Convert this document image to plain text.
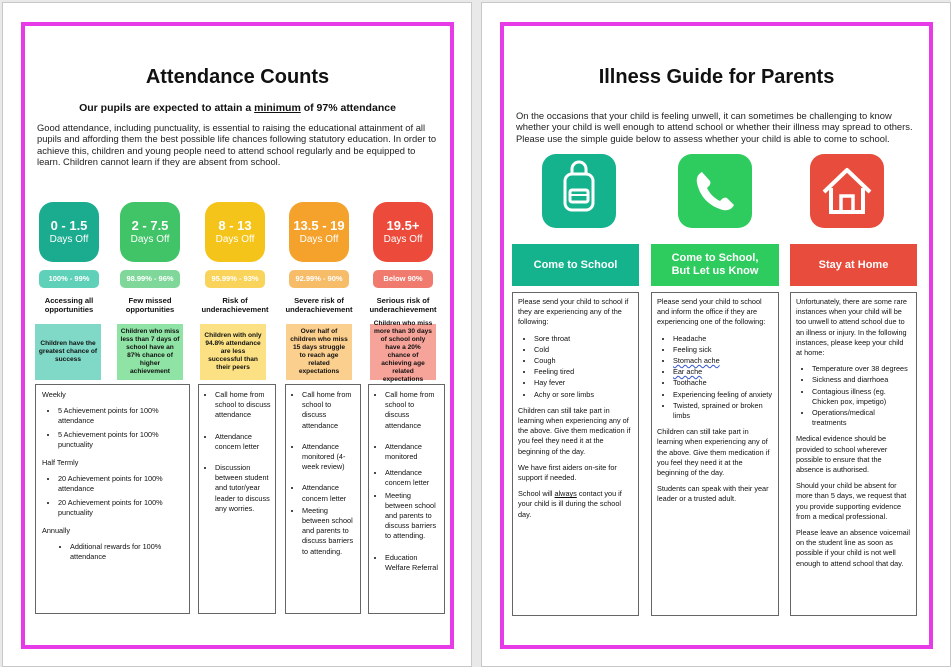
Attendance Counts
Our pupils are expected to attain a minimum of 97% attendance
Good attendance, including punctuality, is essential to raising the educational attainment of all pupils and affording them the best possible life chances following statutory education. In order to achieve this, children and young people need to attend school regularly and be equipped to learn. Children cannot learn if they are absent from school.
0 - 1.5
Days Off
100% - 99%
Accessing all opportunities
Children have the greatest chance of success
2 - 7.5
Days Off
98.99% - 96%
Few missed opportunities
Children who miss less than 7 days of school have an 87% chance of higher achievement
8 - 13
Days Off
95.99% - 93%
Risk of underachievement
Children with only 94.8% attendance are less successful than their peers
13.5 - 19
Days Off
92.99% - 90%
Severe risk of underachievement
Over half of children who miss 15 days struggle to reach age related expectations
19.5+
Days Off
Below 90%
Serious risk of underachievement
Children who miss more than 30 days of school only have a 20% chance of achieving age related expectations

Weekly

• 5 Achievement points for 100% attendance
• 5 Achievement points for 100% punctuality

Half Termly

• 20 Achievement points for 100% attendance
• 20 Achievement points for 100% punctuality

Annually

• Additional rewards for 100% attendance
• Call home from school to discuss attendance
• Attendance concern letter
• Discussion between student and tutor/year leader to discuss any worries.
• Call home from school to discuss attendance
• Attendance monitored (4-week review)
• Attendance concern letter
• Meeting between school and parents to discuss barriers to attending.
• Call home from school to discuss attendance
• Attendance monitored
• Attendance concern letter
• Meeting between school and parents to discuss barriers to attending.
• Education Welfare Referral
Illness Guide for Parents
On the occasions that your child is feeling unwell, it can sometimes be challenging to know whether your child is well enough to attend school or whether their illness may spread to others. Please use the simple guide below to assess whether your child is able to come to school.
Come to School
Come to School,
But Let us Know
Stay at Home

Please send your child to school if they are experiencing any of the following:

• Sore throat
• Cold
• Cough
• Feeling tired
• Hay fever
• Achy or sore limbs

Children can still take part in learning when experiencing any of the above. Give them medication if you feel they need it at the beginning of the day.

We have first aiders on-site for support if needed.

School will always contact you if your child is ill during the school day.

Please send your child to school and inform the office if they are experiencing one of the following:

• Headache
• Feeling sick
• Stomach ache
• Ear ache
• Toothache
• Experiencing feeling of anxiety
• Twisted, sprained or broken limbs

Children can still take part in learning when experiencing any of the above. Give them medication if you feel they need it at the beginning of the day.

Students can speak with their year leader or a trusted adult.

Unfortunately, there are some rare instances when your child will be too unwell to attend school due to an illness or injury. In the following instances, please keep your child at home:

• Temperature over 38 degrees
• Sickness and diarrhoea
• Contagious illness (eg. Chicken pox, impetigo)
• Operations/medical treatments

Medical evidence should be provided to school wherever possible to ensure that the absence is authorised.

Should your child be absent for more than 5 days, we request that you provide supporting evidence from a medical professional.

Please leave an absence voicemail on the student line as soon as possible if your child is not well enough to attend school that day.
